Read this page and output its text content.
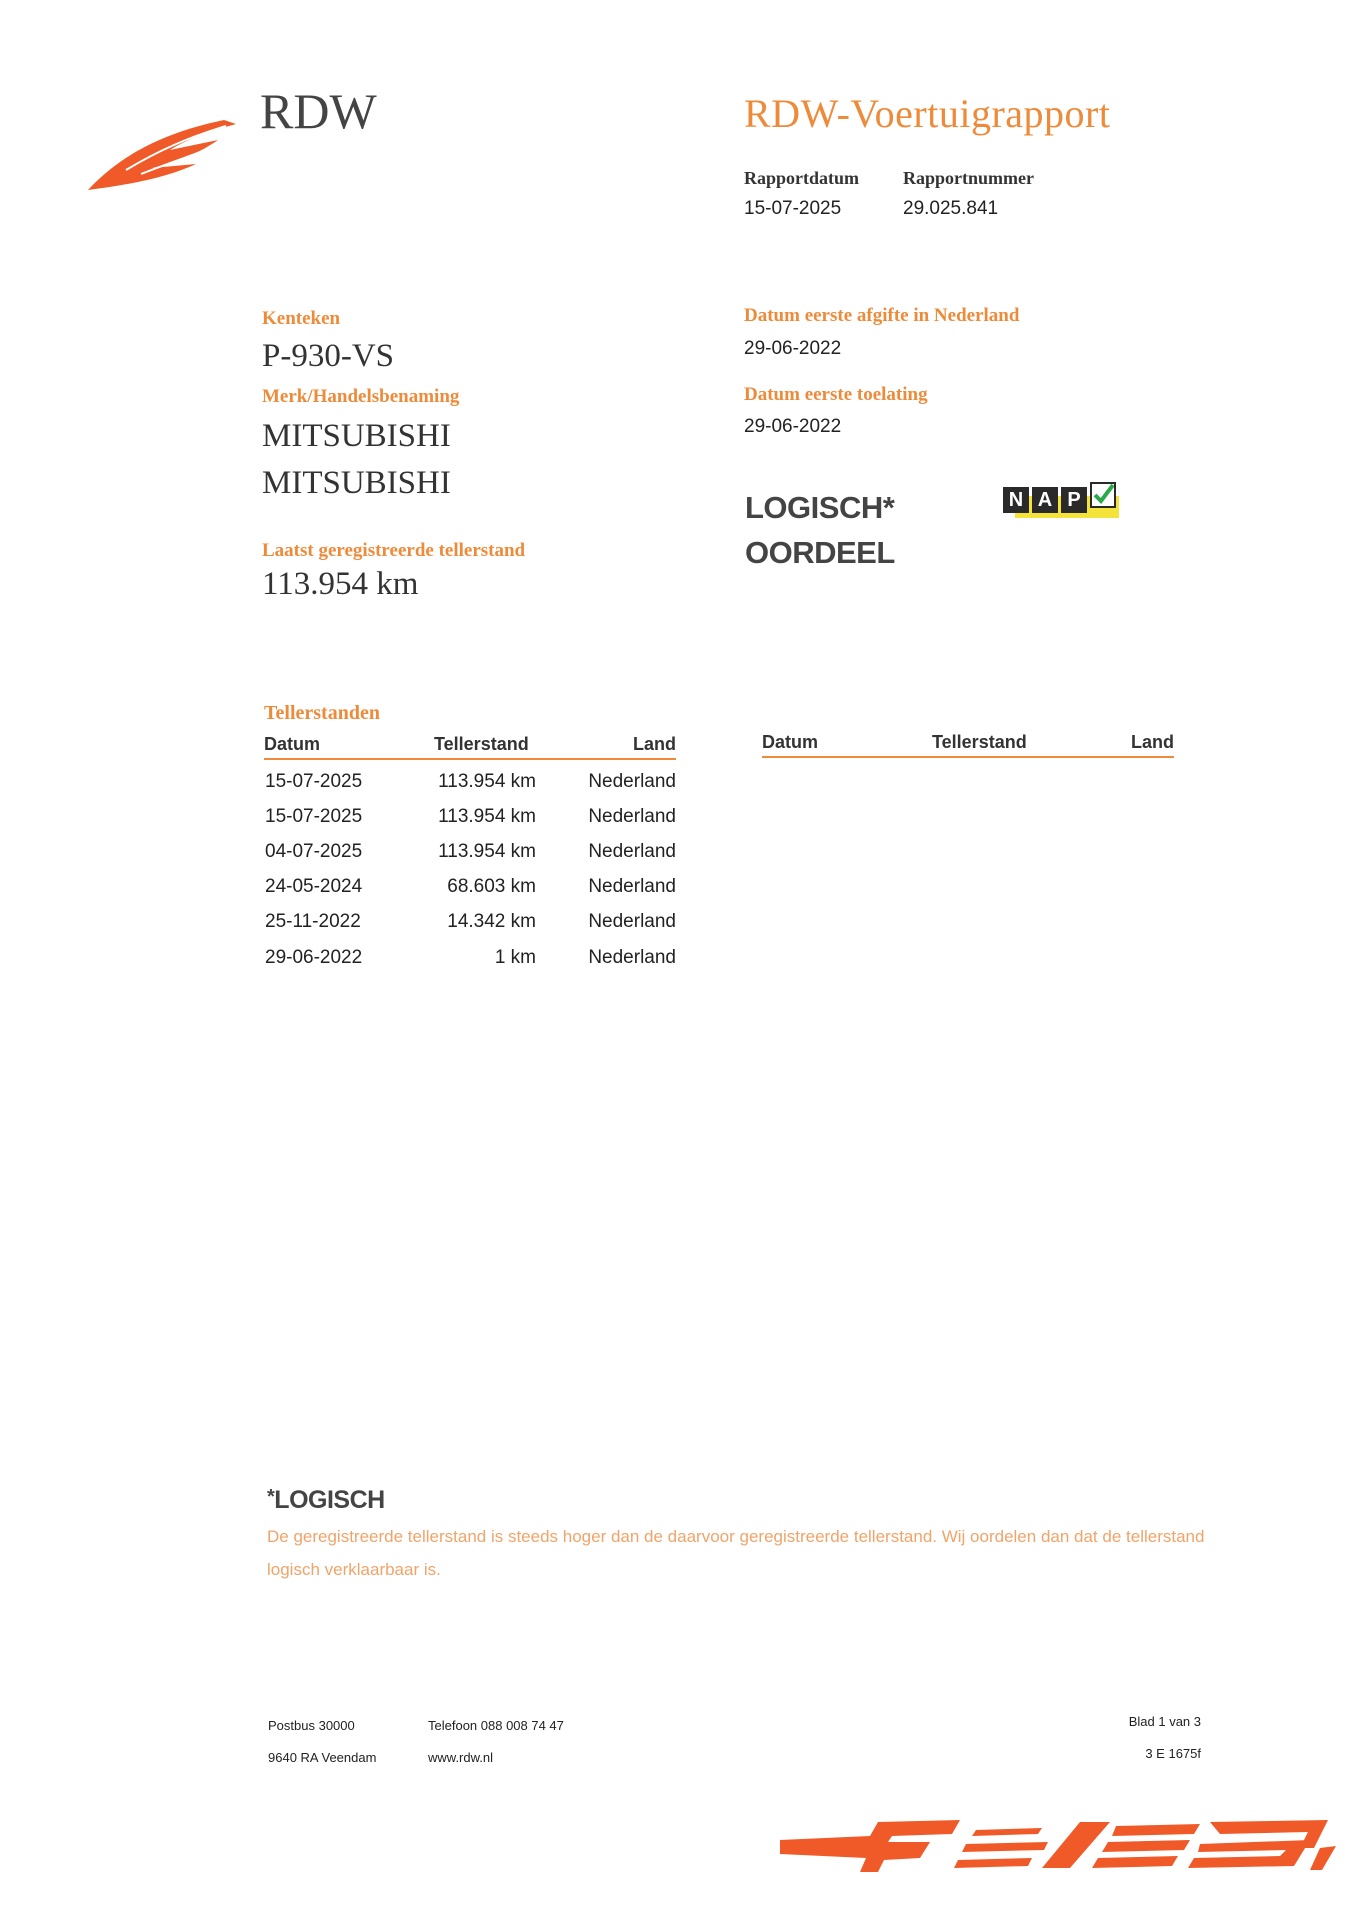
RDW	RDW-Voertuigrapport
Rapportdatum
15-07-2025
Rapportnummer
29.025.841
Kenteken
P-930-VS
Merk/Handelsbenaming
MITSUBISHI
MITSUBISHI
Laatst geregistreerde tellerstand
113.954 km
Datum eerste afgifte in Nederland
29-06-2022
Datum eerste toelating
29-06-2022
LOGISCH*
OORDEEL
N A P
Tellerstanden
Datum	Tellerstand	Land
15-07-2025	113.954 km	Nederland
15-07-2025	113.954 km	Nederland
04-07-2025	113.954 km	Nederland
24-05-2024	68.603 km	Nederland
25-11-2022	14.342 km	Nederland
29-06-2022	1 km	Nederland
Datum	Tellerstand	Land
*LOGISCH
De geregistreerde tellerstand is steeds hoger dan de daarvoor geregistreerde tellerstand. Wij oordelen dan dat de tellerstand logisch verklaarbaar is.
Postbus 30000
9640 RA Veendam
Telefoon 088 008 74 47
www.rdw.nl
Blad 1 van 3
3 E 1675f
